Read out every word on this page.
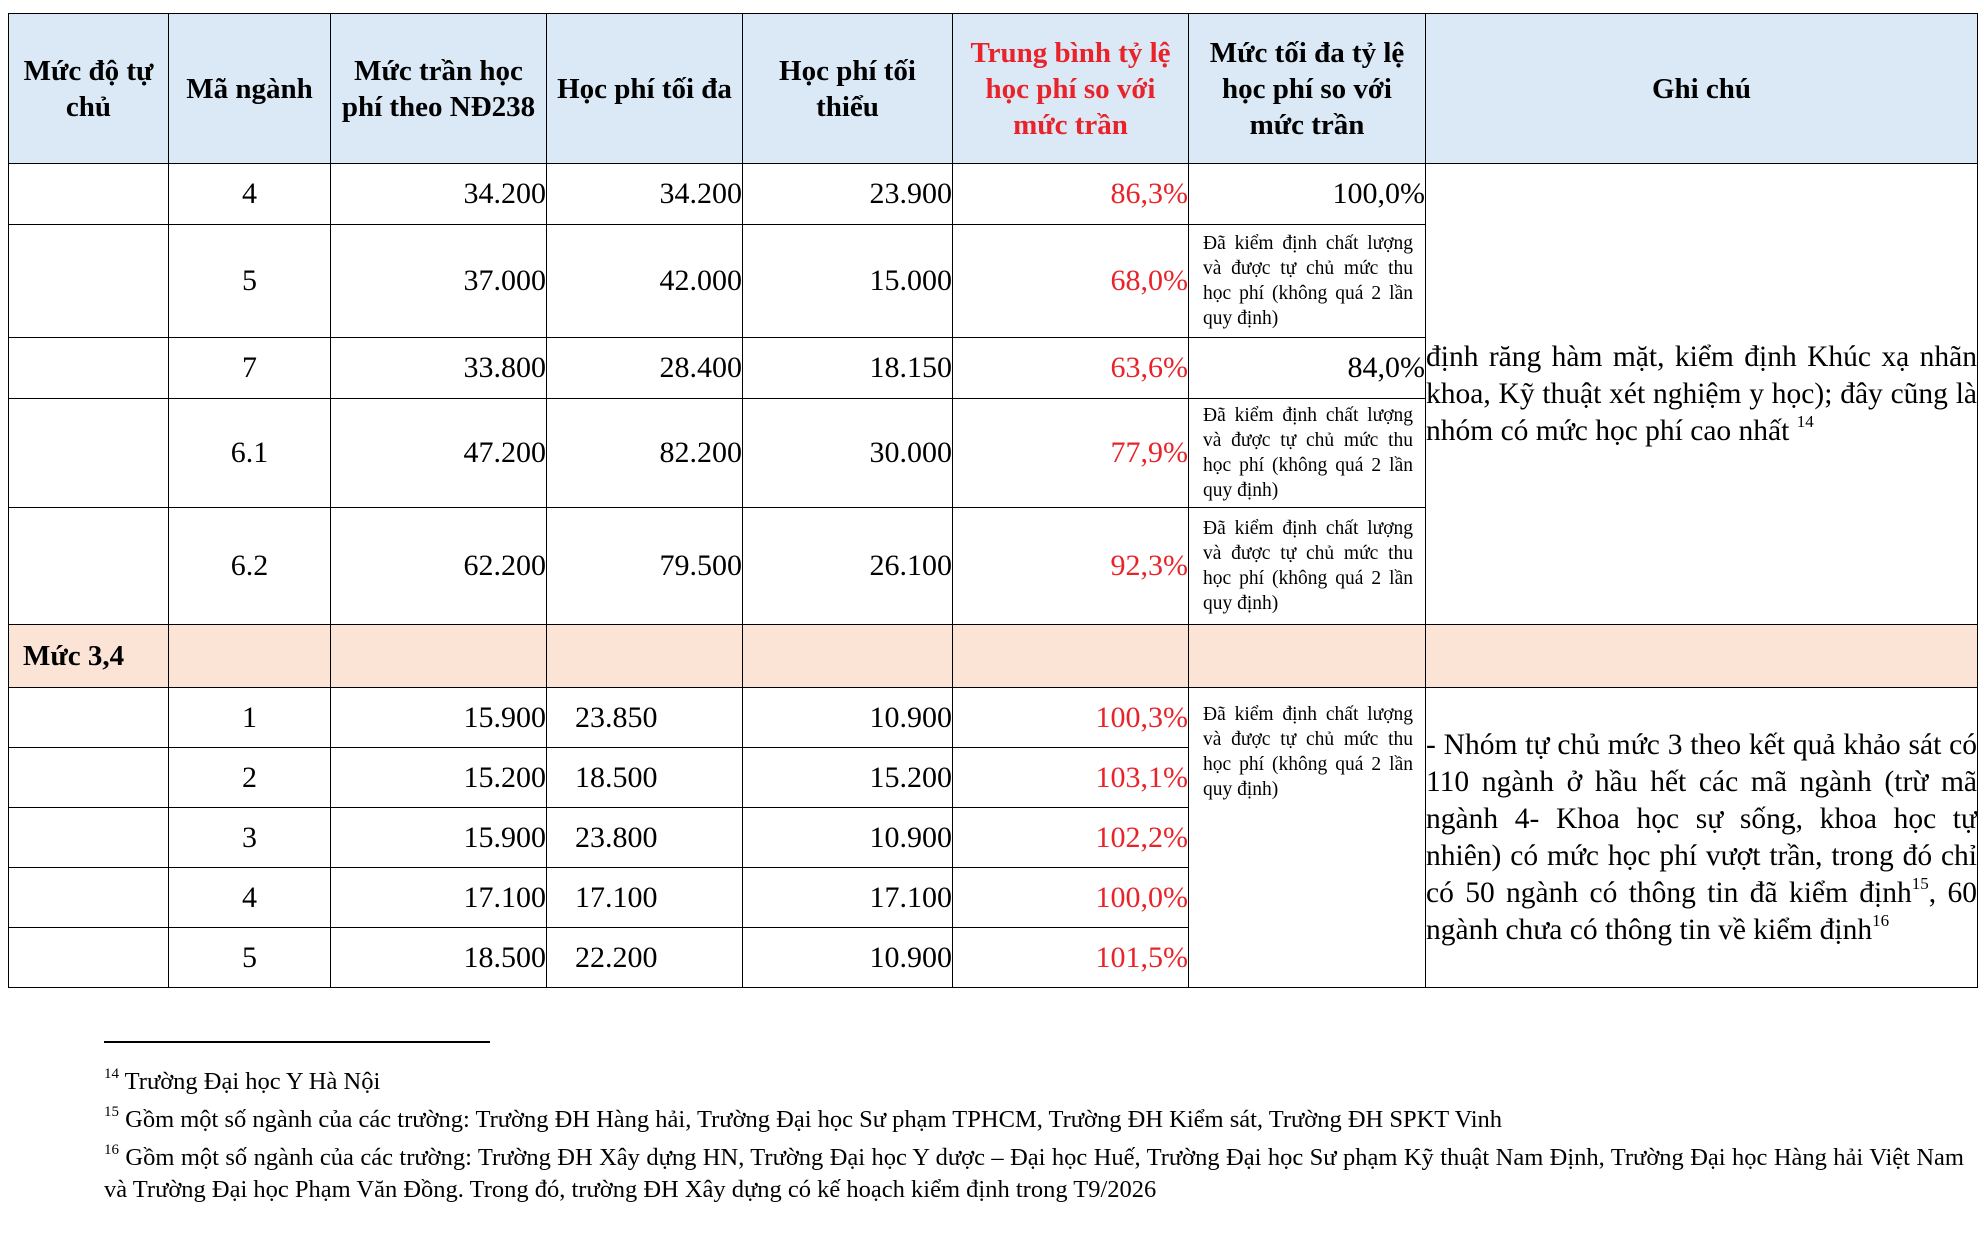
Mức độ tự chủ	Mã ngành	Mức trần học phí theo NĐ238	Học phí tối đa	Học phí tối thiểu	Trung bình tỷ lệ học phí so với mức trần	Mức tối đa tỷ lệ học phí so với mức trần	Ghi chú
	4	34.200	34.200	23.900	86,3%	100,0%	định răng hàm mặt, kiểm định Khúc xạ nhãn khoa, Kỹ thuật xét nghiệm y học); đây cũng là nhóm có mức học phí cao nhất $^{14}$
	5	37.000	42.000	15.000	68,0%	Đã kiểm định chất lượng và được tự chủ mức thu học phí (không quá 2 lần quy định)	

	7	33.800	28.400	18.150	63,6%	84,0%	
	6.1	47.200	82.200	30.000	77,9%	Đã kiểm định chất lượng và được tự chủ mức thu học phí (không quá 2 lần quy định)	

	6.2	62.200	79.500	26.100	92,3%	Đã kiểm định chất lượng và được tự chủ mức thu học phí (không quá 2 lần quy định)	

Mức 3,4							
	1	15.900	23.850	10.900	100,3%	Đã kiểm định chất lượng và được tự chủ mức thu học phí (không quá 2 lần quy định)	- Nhóm tự chủ mức 3 theo kết quả khảo sát có 110 ngành ở hầu hết các mã ngành (trừ mã ngành 4- Khoa học sự sống, khoa học tự nhiên) có mức học phí vượt trần, trong đó chỉ có 50 ngành có thông tin đã kiểm định$^{15}$, 60 ngành chưa có thông tin về kiểm định$^{16}$
	2	15.200	18.500	15.200	103,1%		
	3	15.900	23.800	10.900	102,2%		
	4	17.100	17.100	17.100	100,0%		
	5	18.500	22.200	10.900	101,5%		
$^{14}$ Trường Đại học Y Hà Nội
$^{15}$ Gồm một số ngành của các trường: Trường ĐH Hàng hải, Trường Đại học Sư phạm TPHCM, Trường ĐH Kiểm sát, Trường ĐH SPKT Vinh
$^{16}$ Gồm một số ngành của các trường: Trường ĐH Xây dựng HN, Trường Đại học Y dược – Đại học Huế, Trường Đại học Sư phạm Kỹ thuật Nam Định, Trường Đại học Hàng hải Việt Nam và Trường Đại học Phạm Văn Đồng. Trong đó, trường ĐH Xây dựng có kế hoạch kiểm định trong T9/2026
